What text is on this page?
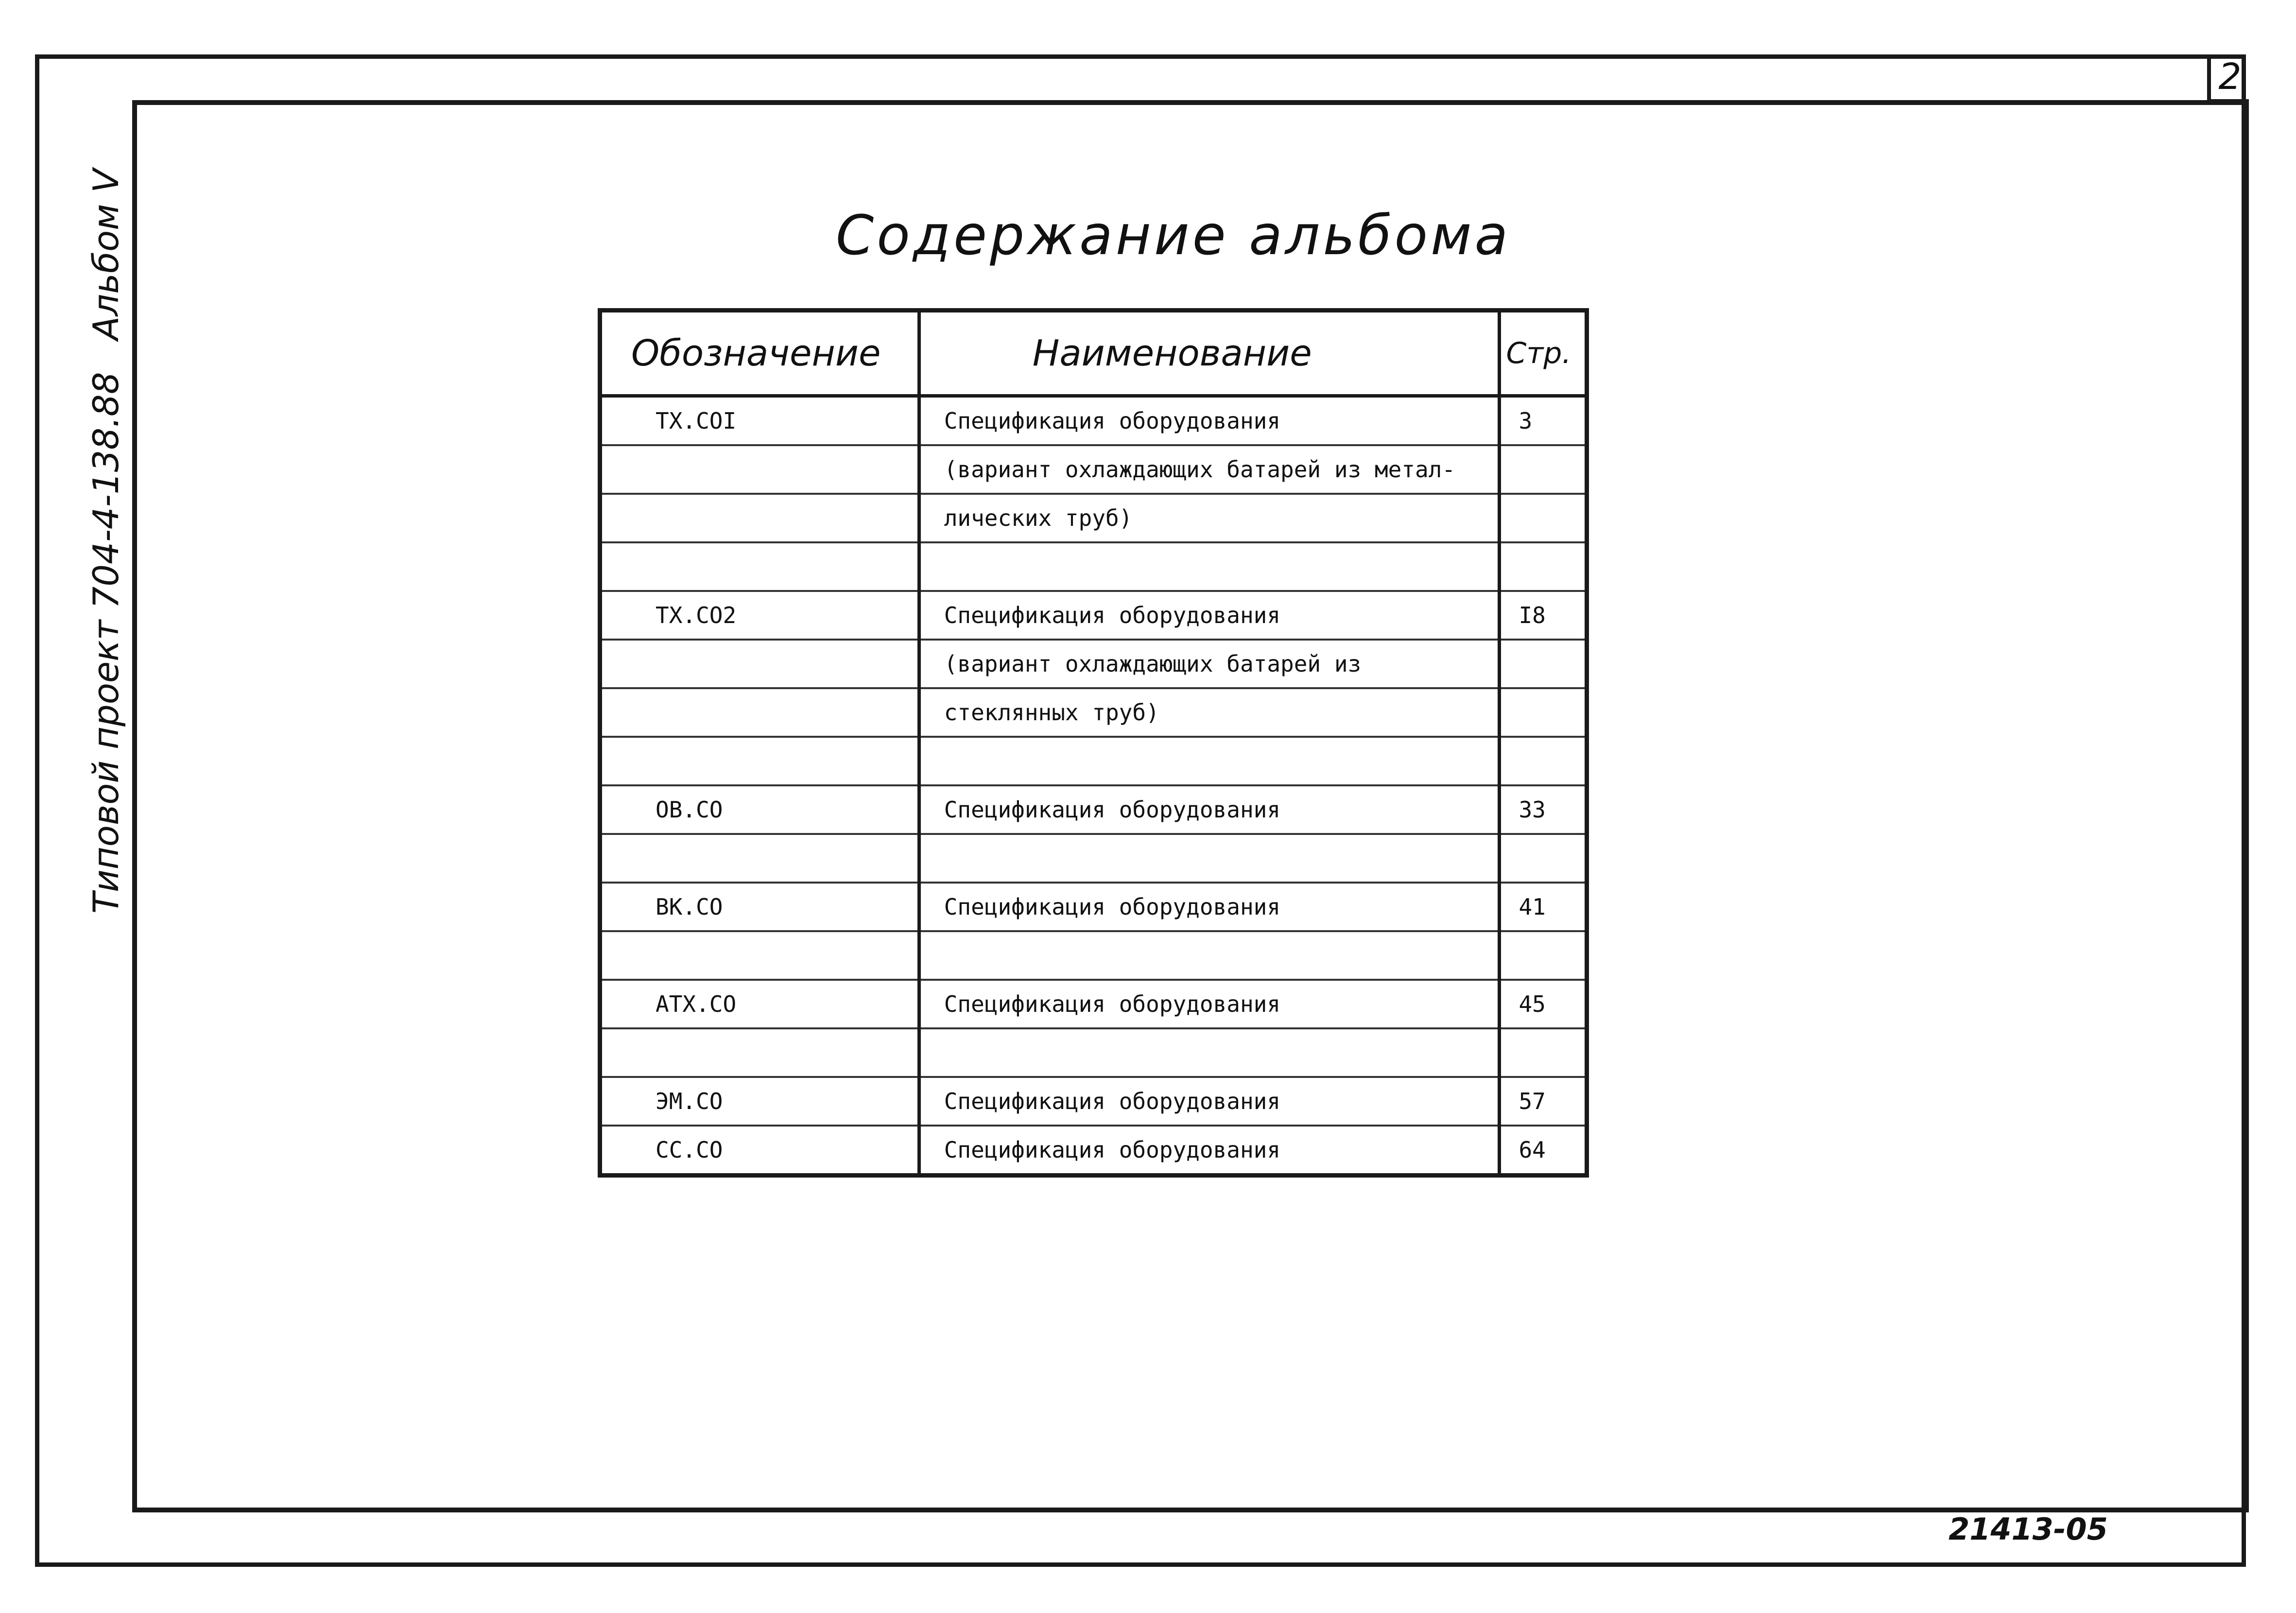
2
Альбом V
Типовой проект 704-4-138.88
Содержание альбома
Обозначение	Наименование	Стр.
ТХ.СОI	Спецификация оборудования	3
	(вариант охлаждающих батарей из метал-	
	лических труб)	

ТХ.СО2	Спецификация оборудования	I8
	(вариант охлаждающих батарей из	
	стеклянных труб)	

ОВ.СО	Спецификация оборудования	33

ВК.СО	Спецификация оборудования	41

АТХ.СО	Спецификация оборудования	45

ЭМ.СО	Спецификация оборудования	57
СС.СО	Спецификация оборудования	64
21413-05
